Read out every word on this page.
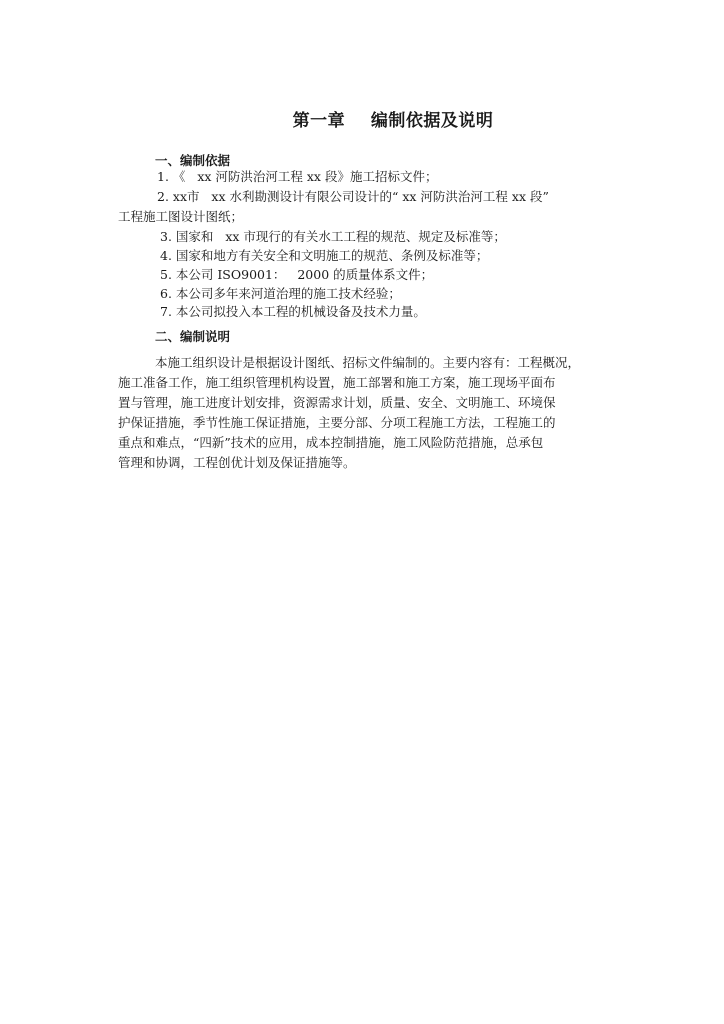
第一章    编制依据及说明
一、编制依据
1. 《   xx 河防洪治河工程 xx 段》施工招标文件；
2. xx市   xx 水利勘测设计有限公司设计的“ xx 河防洪治河工程 xx 段”
工程施工图设计图纸；
3. 国家和   xx 市现行的有关水工工程的规范、规定及标准等；
4. 国家和地方有关安全和文明施工的规范、条例及标准等；
5. 本公司 ISO9001：   2000 的质量体系文件；
6. 本公司多年来河道治理的施工技术经验；
7. 本公司拟投入本工程的机械设备及技术力量。
二、编制说明
本施工组织设计是根据设计图纸、招标文件编制的。主要内容有：工程概况，
施工准备工作，施工组织管理机构设置，施工部署和施工方案，施工现场平面布
置与管理，施工进度计划安排，资源需求计划，质量、安全、文明施工、环境保
护保证措施，季节性施工保证措施，主要分部、分项工程施工方法，工程施工的
重点和难点，“四新”技术的应用，成本控制措施，施工风险防范措施，总承包
管理和协调，工程创优计划及保证措施等。
